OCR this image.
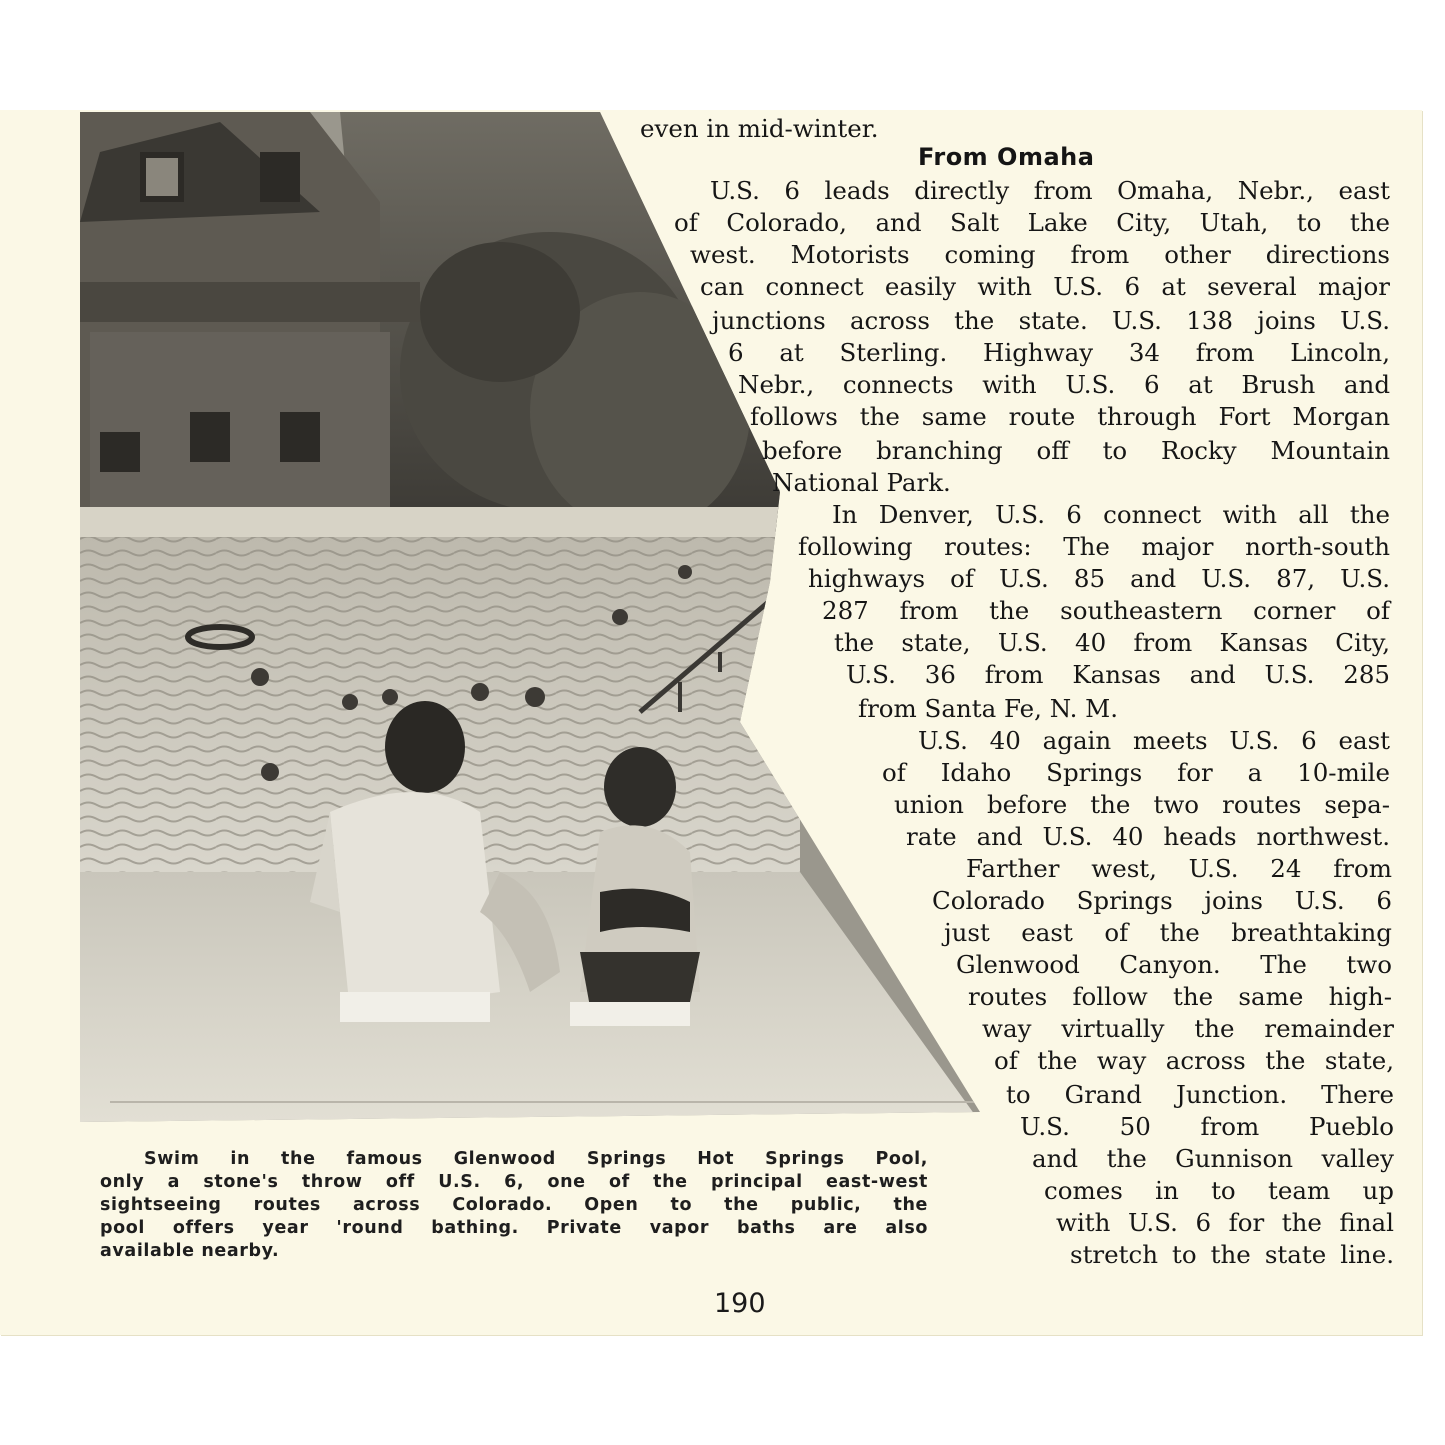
Swim in the famous Glenwood Springs Hot Springs Pool,
only a stone's throw off U.S. 6, one of the principal east-west
sightseeing routes across Colorado. Open to the public, the
pool offers year 'round bathing. Private vapor baths are also
available nearby.
From Omaha
even in mid-winter.
U.S. 6 leads directly from Omaha, Nebr., east
of Colorado, and Salt Lake City, Utah, to the
west. Motorists coming from other directions
can connect easily with U.S. 6 at several major
junctions across the state. U.S. 138 joins U.S.
6 at Sterling. Highway 34 from Lincoln,
Nebr., connects with U.S. 6 at Brush and
follows the same route through Fort Morgan
before branching off to Rocky Mountain
National Park.
In Denver, U.S. 6 connect with all the
following routes: The major north-south
highways of U.S. 85 and U.S. 87, U.S.
287 from the southeastern corner of
the state, U.S. 40 from Kansas City,
U.S. 36 from Kansas and U.S. 285
from Santa Fe, N. M.
U.S. 40 again meets U.S. 6 east
of Idaho Springs for a 10-mile
union before the two routes sepa-
rate and U.S. 40 heads northwest.
Farther west, U.S. 24 from
Colorado Springs joins U.S. 6
just east of the breathtaking
Glenwood Canyon. The two
routes follow the same high-
way virtually the remainder
of the way across the state,
to Grand Junction. There
U.S. 50 from Pueblo
and the Gunnison valley
comes in to team up
with U.S. 6 for the final
stretch to the state line.
190
